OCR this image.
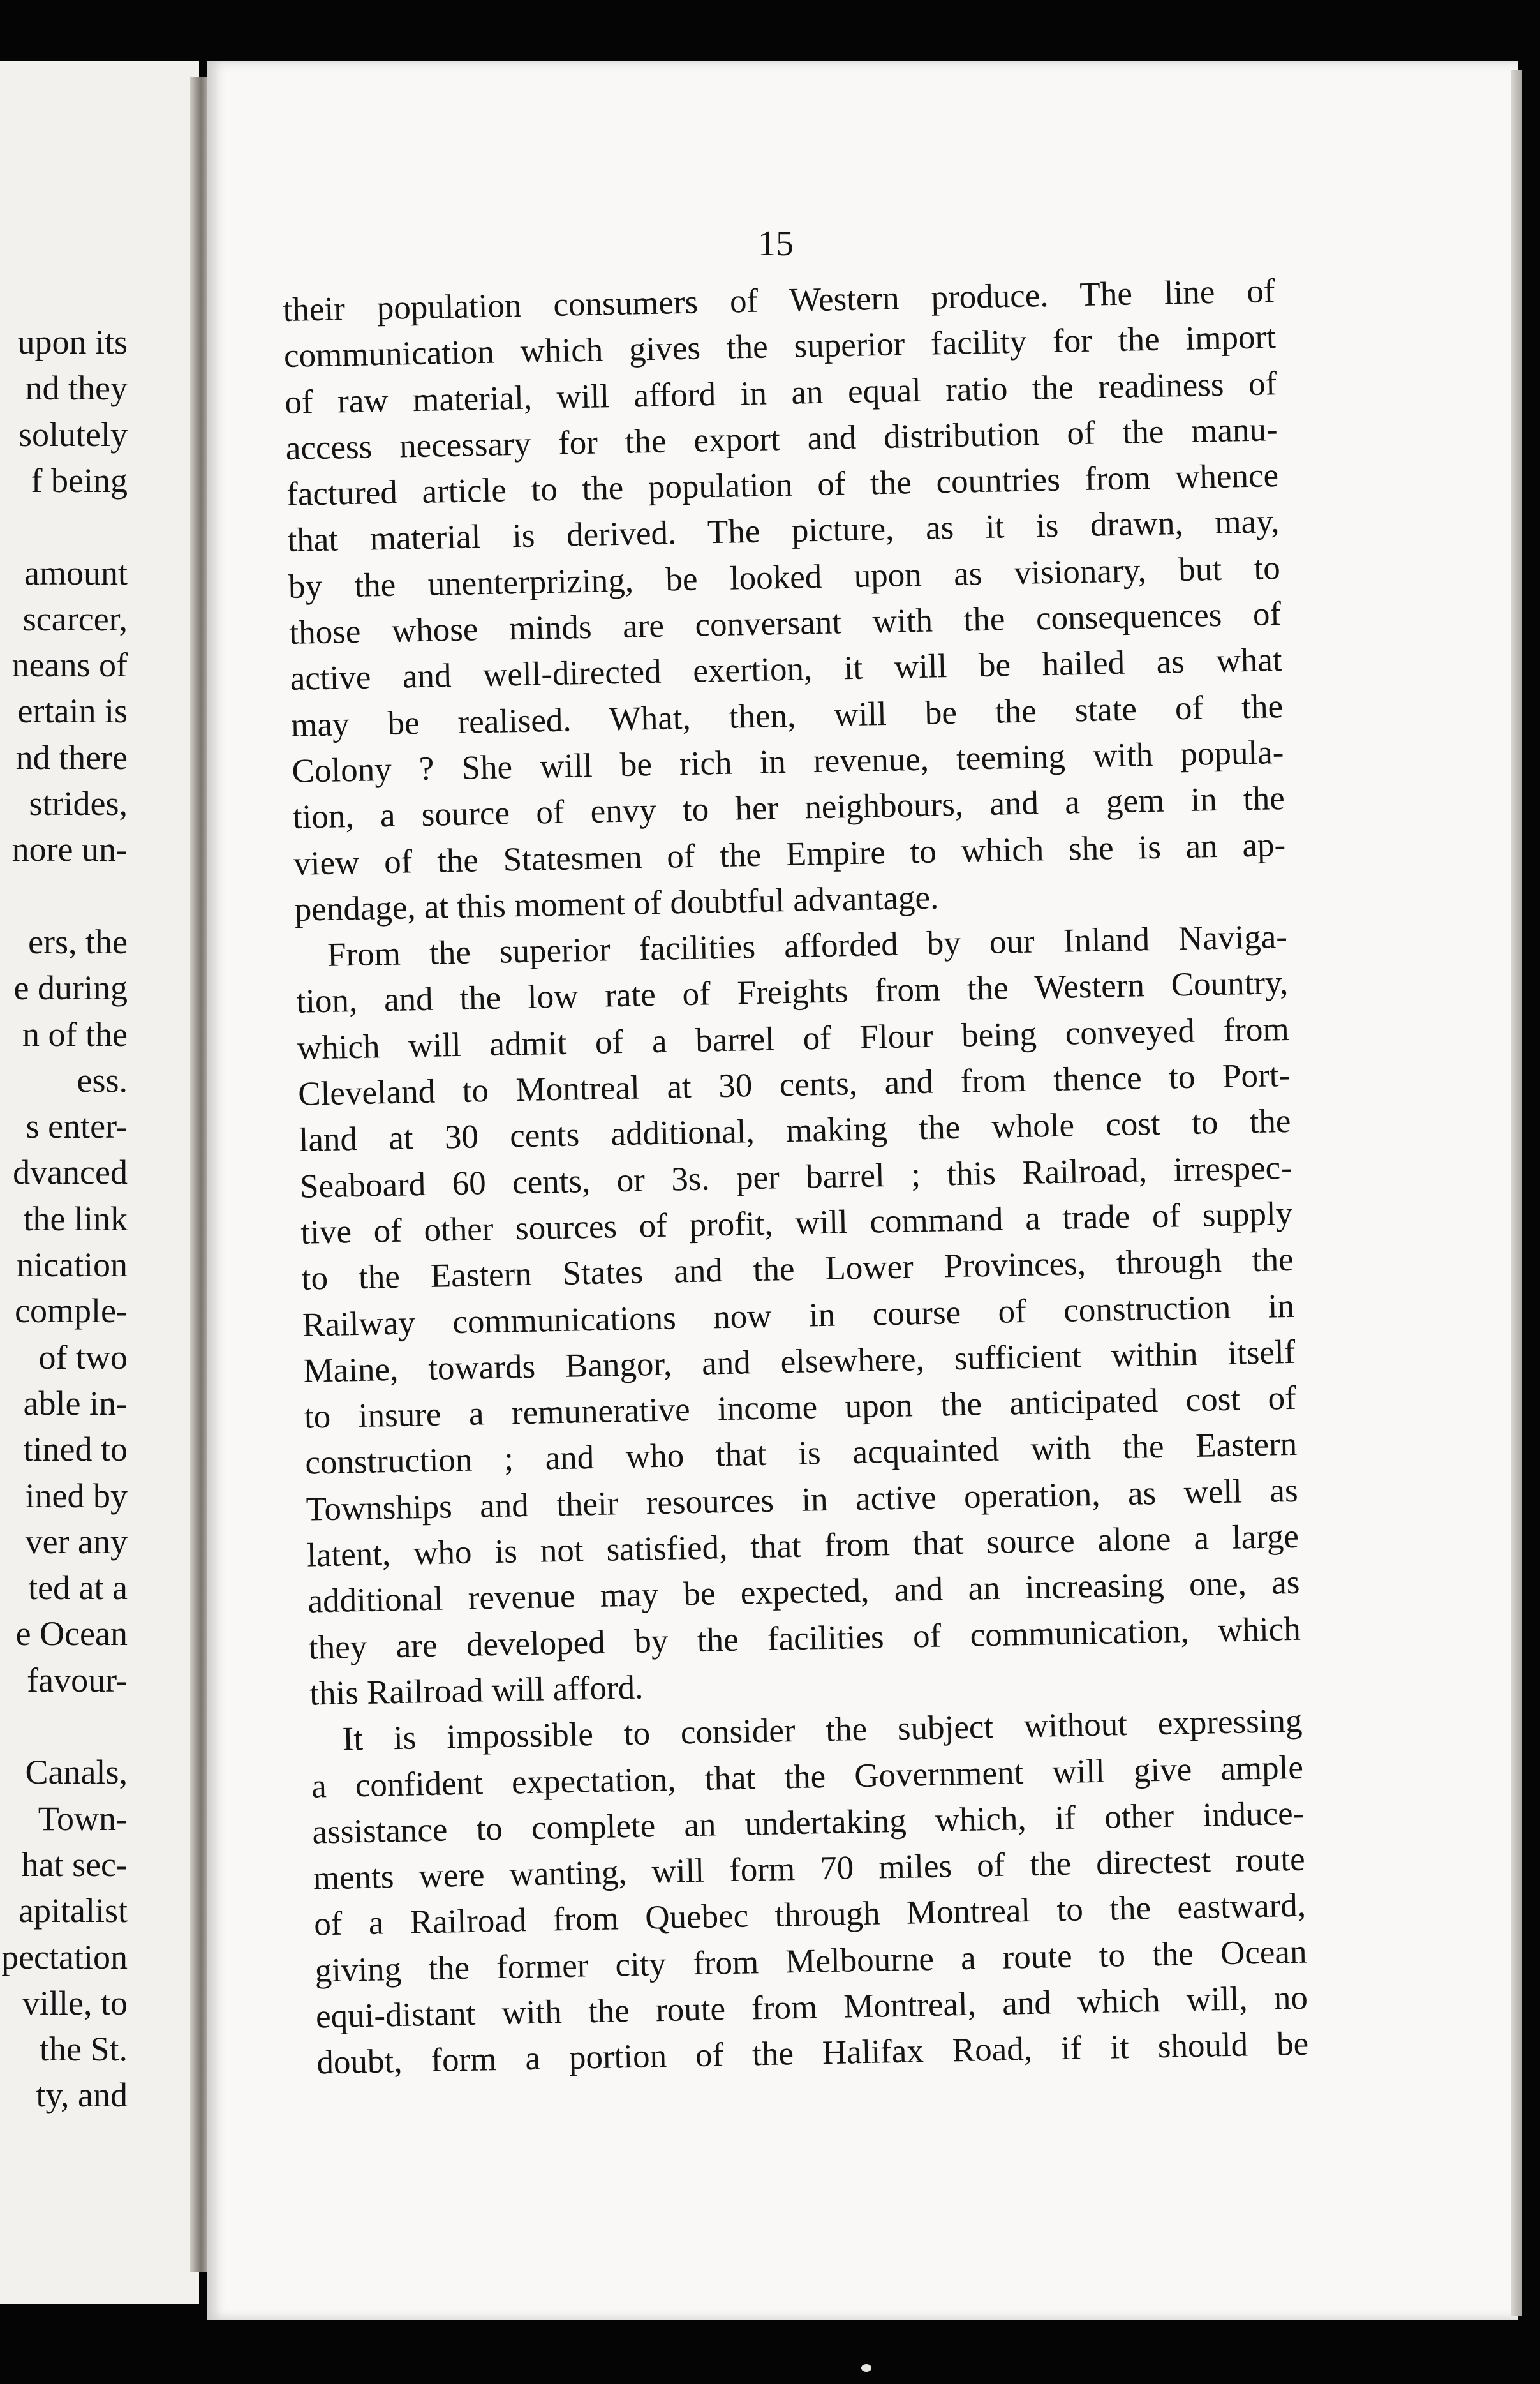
upon its
nd they
solutely
f being
amount
scarcer,
neans of
ertain is
nd there
strides,
nore un-
ers, the
e during
n of the
ess.
s enter-
dvanced
the link
nication
comple-
of two
able in-
tined to
ined by
ver any
ted at a
e Ocean
favour-
Canals,
Town-
hat sec-
apitalist
pectation
ville, to
the St.
ty, and
15
their population consumers of Western produce. The line of
communication which gives the superior facility for the import
of raw material, will afford in an equal ratio the readiness of
access necessary for the export and distribution of the manu-
factured article to the population of the countries from whence
that material is derived. The picture, as it is drawn, may,
by the unenterprizing, be looked upon as visionary, but to
those whose minds are conversant with the consequences of
active and well-directed exertion, it will be hailed as what
may be realised. What, then, will be the state of the
Colony ? She will be rich in revenue, teeming with popula-
tion, a source of envy to her neighbours, and a gem in the
view of the Statesmen of the Empire to which she is an ap-
pendage, at this moment of doubtful advantage.
From the superior facilities afforded by our Inland Naviga-
tion, and the low rate of Freights from the Western Country,
which will admit of a barrel of Flour being conveyed from
Cleveland to Montreal at 30 cents, and from thence to Port-
land at 30 cents additional, making the whole cost to the
Seaboard 60 cents, or 3s. per barrel ; this Railroad, irrespec-
tive of other sources of profit, will command a trade of supply
to the Eastern States and the Lower Provinces, through the
Railway communications now in course of construction in
Maine, towards Bangor, and elsewhere, sufficient within itself
to insure a remunerative income upon the anticipated cost of
construction ; and who that is acquainted with the Eastern
Townships and their resources in active operation, as well as
latent, who is not satisfied, that from that source alone a large
additional revenue may be expected, and an increasing one, as
they are developed by the facilities of communication, which
this Railroad will afford.
It is impossible to consider the subject without expressing
a confident expectation, that the Government will give ample
assistance to complete an undertaking which, if other induce-
ments were wanting, will form 70 miles of the directest route
of a Railroad from Quebec through Montreal to the eastward,
giving the former city from Melbourne a route to the Ocean
equi-distant with the route from Montreal, and which will, no
doubt, form a portion of the Halifax Road, if it should be
